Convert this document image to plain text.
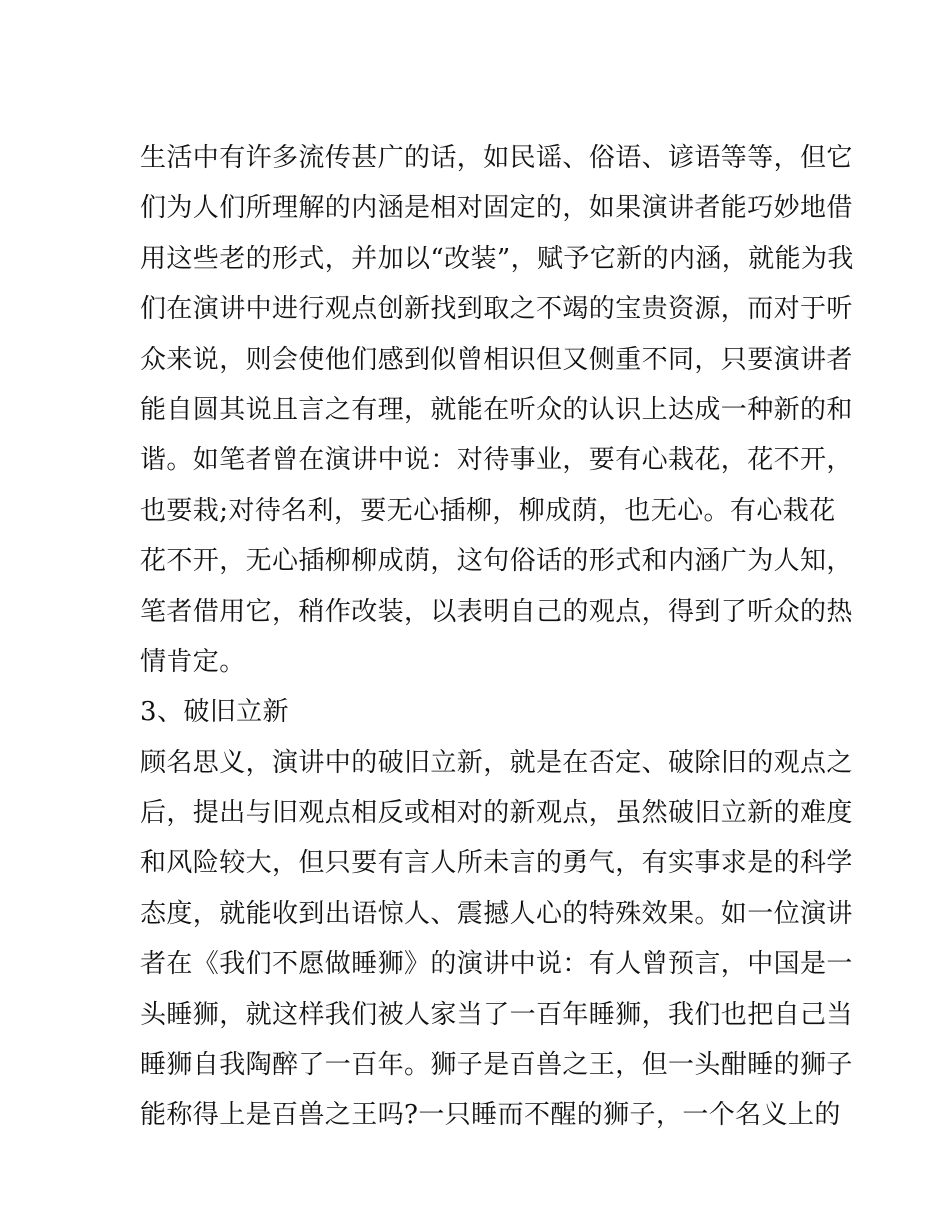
生活中有许多流传甚广的话，如民谣、俗语、谚语等等，但它
们为人们所理解的内涵是相对固定的，如果演讲者能巧妙地借
用这些老的形式，并加以“改装”，赋予它新的内涵，就能为我
们在演讲中进行观点创新找到取之不竭的宝贵资源，而对于听
众来说，则会使他们感到似曾相识但又侧重不同，只要演讲者
能自圆其说且言之有理，就能在听众的认识上达成一种新的和
谐。如笔者曾在演讲中说：对待事业，要有心栽花，花不开，
也要栽;对待名利，要无心插柳，柳成荫，也无心。有心栽花
花不开，无心插柳柳成荫，这句俗话的形式和内涵广为人知，
笔者借用它，稍作改装，以表明自己的观点，得到了听众的热
情肯定。
3、破旧立新
顾名思义，演讲中的破旧立新，就是在否定、破除旧的观点之
后，提出与旧观点相反或相对的新观点，虽然破旧立新的难度
和风险较大，但只要有言人所未言的勇气，有实事求是的科学
态度，就能收到出语惊人、震撼人心的特殊效果。如一位演讲
者在《我们不愿做睡狮》的演讲中说：有人曾预言，中国是一
头睡狮，就这样我们被人家当了一百年睡狮，我们也把自己当
睡狮自我陶醉了一百年。狮子是百兽之王，但一头酣睡的狮子
能称得上是百兽之王吗?一只睡而不醒的狮子，一个名义上的
